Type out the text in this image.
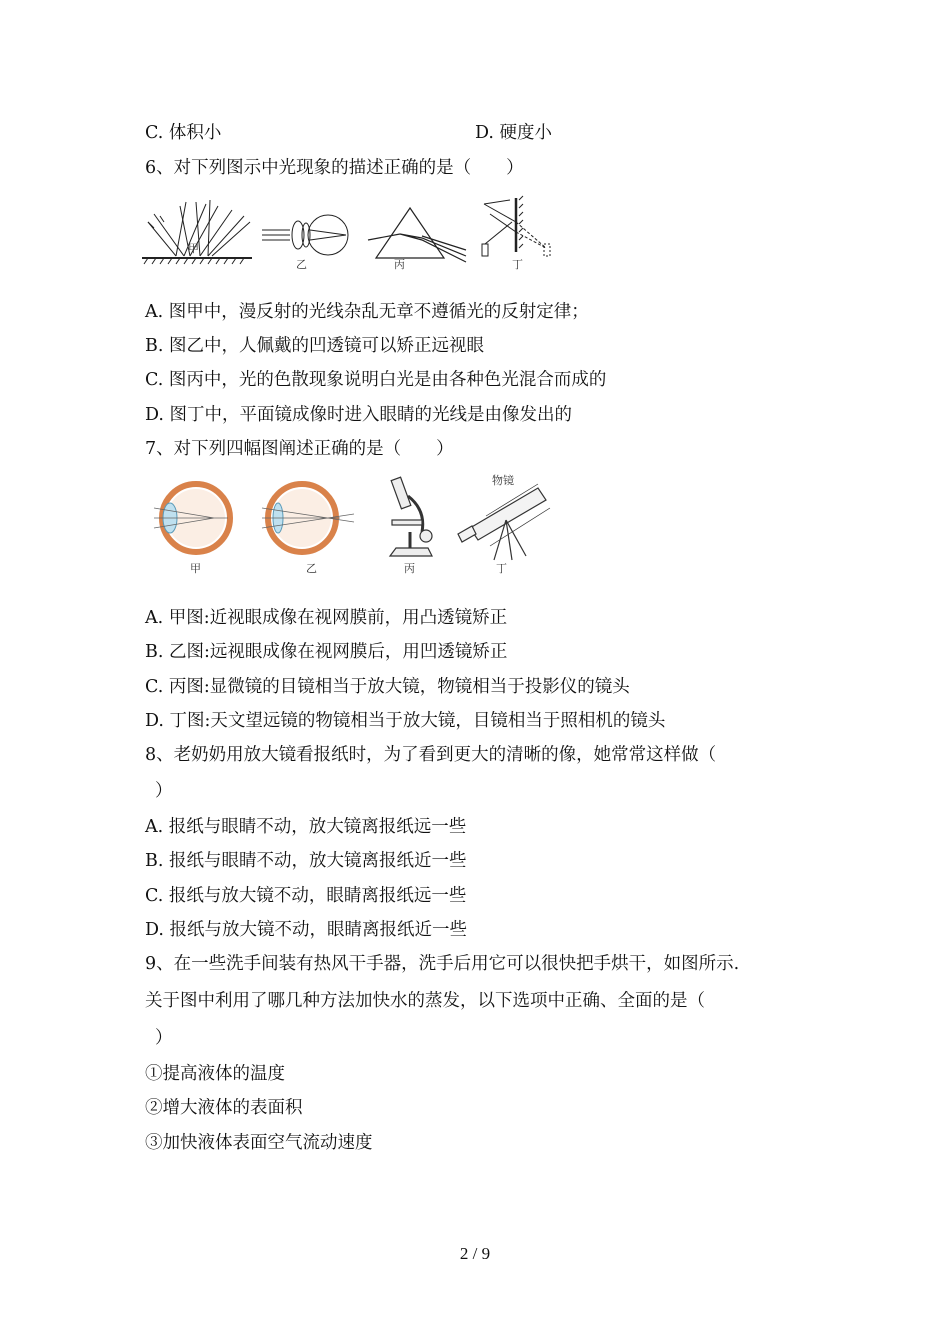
C. 体积小	D. 硬度小
6、对下列图示中光现象的描述正确的是（　　）
甲
乙	丙	丁
A. 图甲中，漫反射的光线杂乱无章不遵循光的反射定律；
B. 图乙中，人佩戴的凹透镜可以矫正远视眼
C. 图丙中，光的色散现象说明白光是由各种色光混合而成的
D. 图丁中，平面镜成像时进入眼睛的光线是由像发出的
7、对下列四幅图阐述正确的是（　　）
物镜
甲	乙	丙	丁
A. 甲图:近视眼成像在视网膜前，用凸透镜矫正
B. 乙图:远视眼成像在视网膜后，用凹透镜矫正
C. 丙图:显微镜的目镜相当于放大镜，物镜相当于投影仪的镜头
D. 丁图:天文望远镜的物镜相当于放大镜，目镜相当于照相机的镜头
8、老奶奶用放大镜看报纸时，为了看到更大的清晰的像，她常常这样做（
）
A. 报纸与眼睛不动，放大镜离报纸远一些
B. 报纸与眼睛不动，放大镜离报纸近一些
C. 报纸与放大镜不动，眼睛离报纸远一些
D. 报纸与放大镜不动，眼睛离报纸近一些
9、在一些洗手间装有热风干手器，洗手后用它可以很快把手烘干，如图所示.
关于图中利用了哪几种方法加快水的蒸发，以下选项中正确、全面的是（
）
①提高液体的温度
②增大液体的表面积
③加快液体表面空气流动速度
2 / 9
